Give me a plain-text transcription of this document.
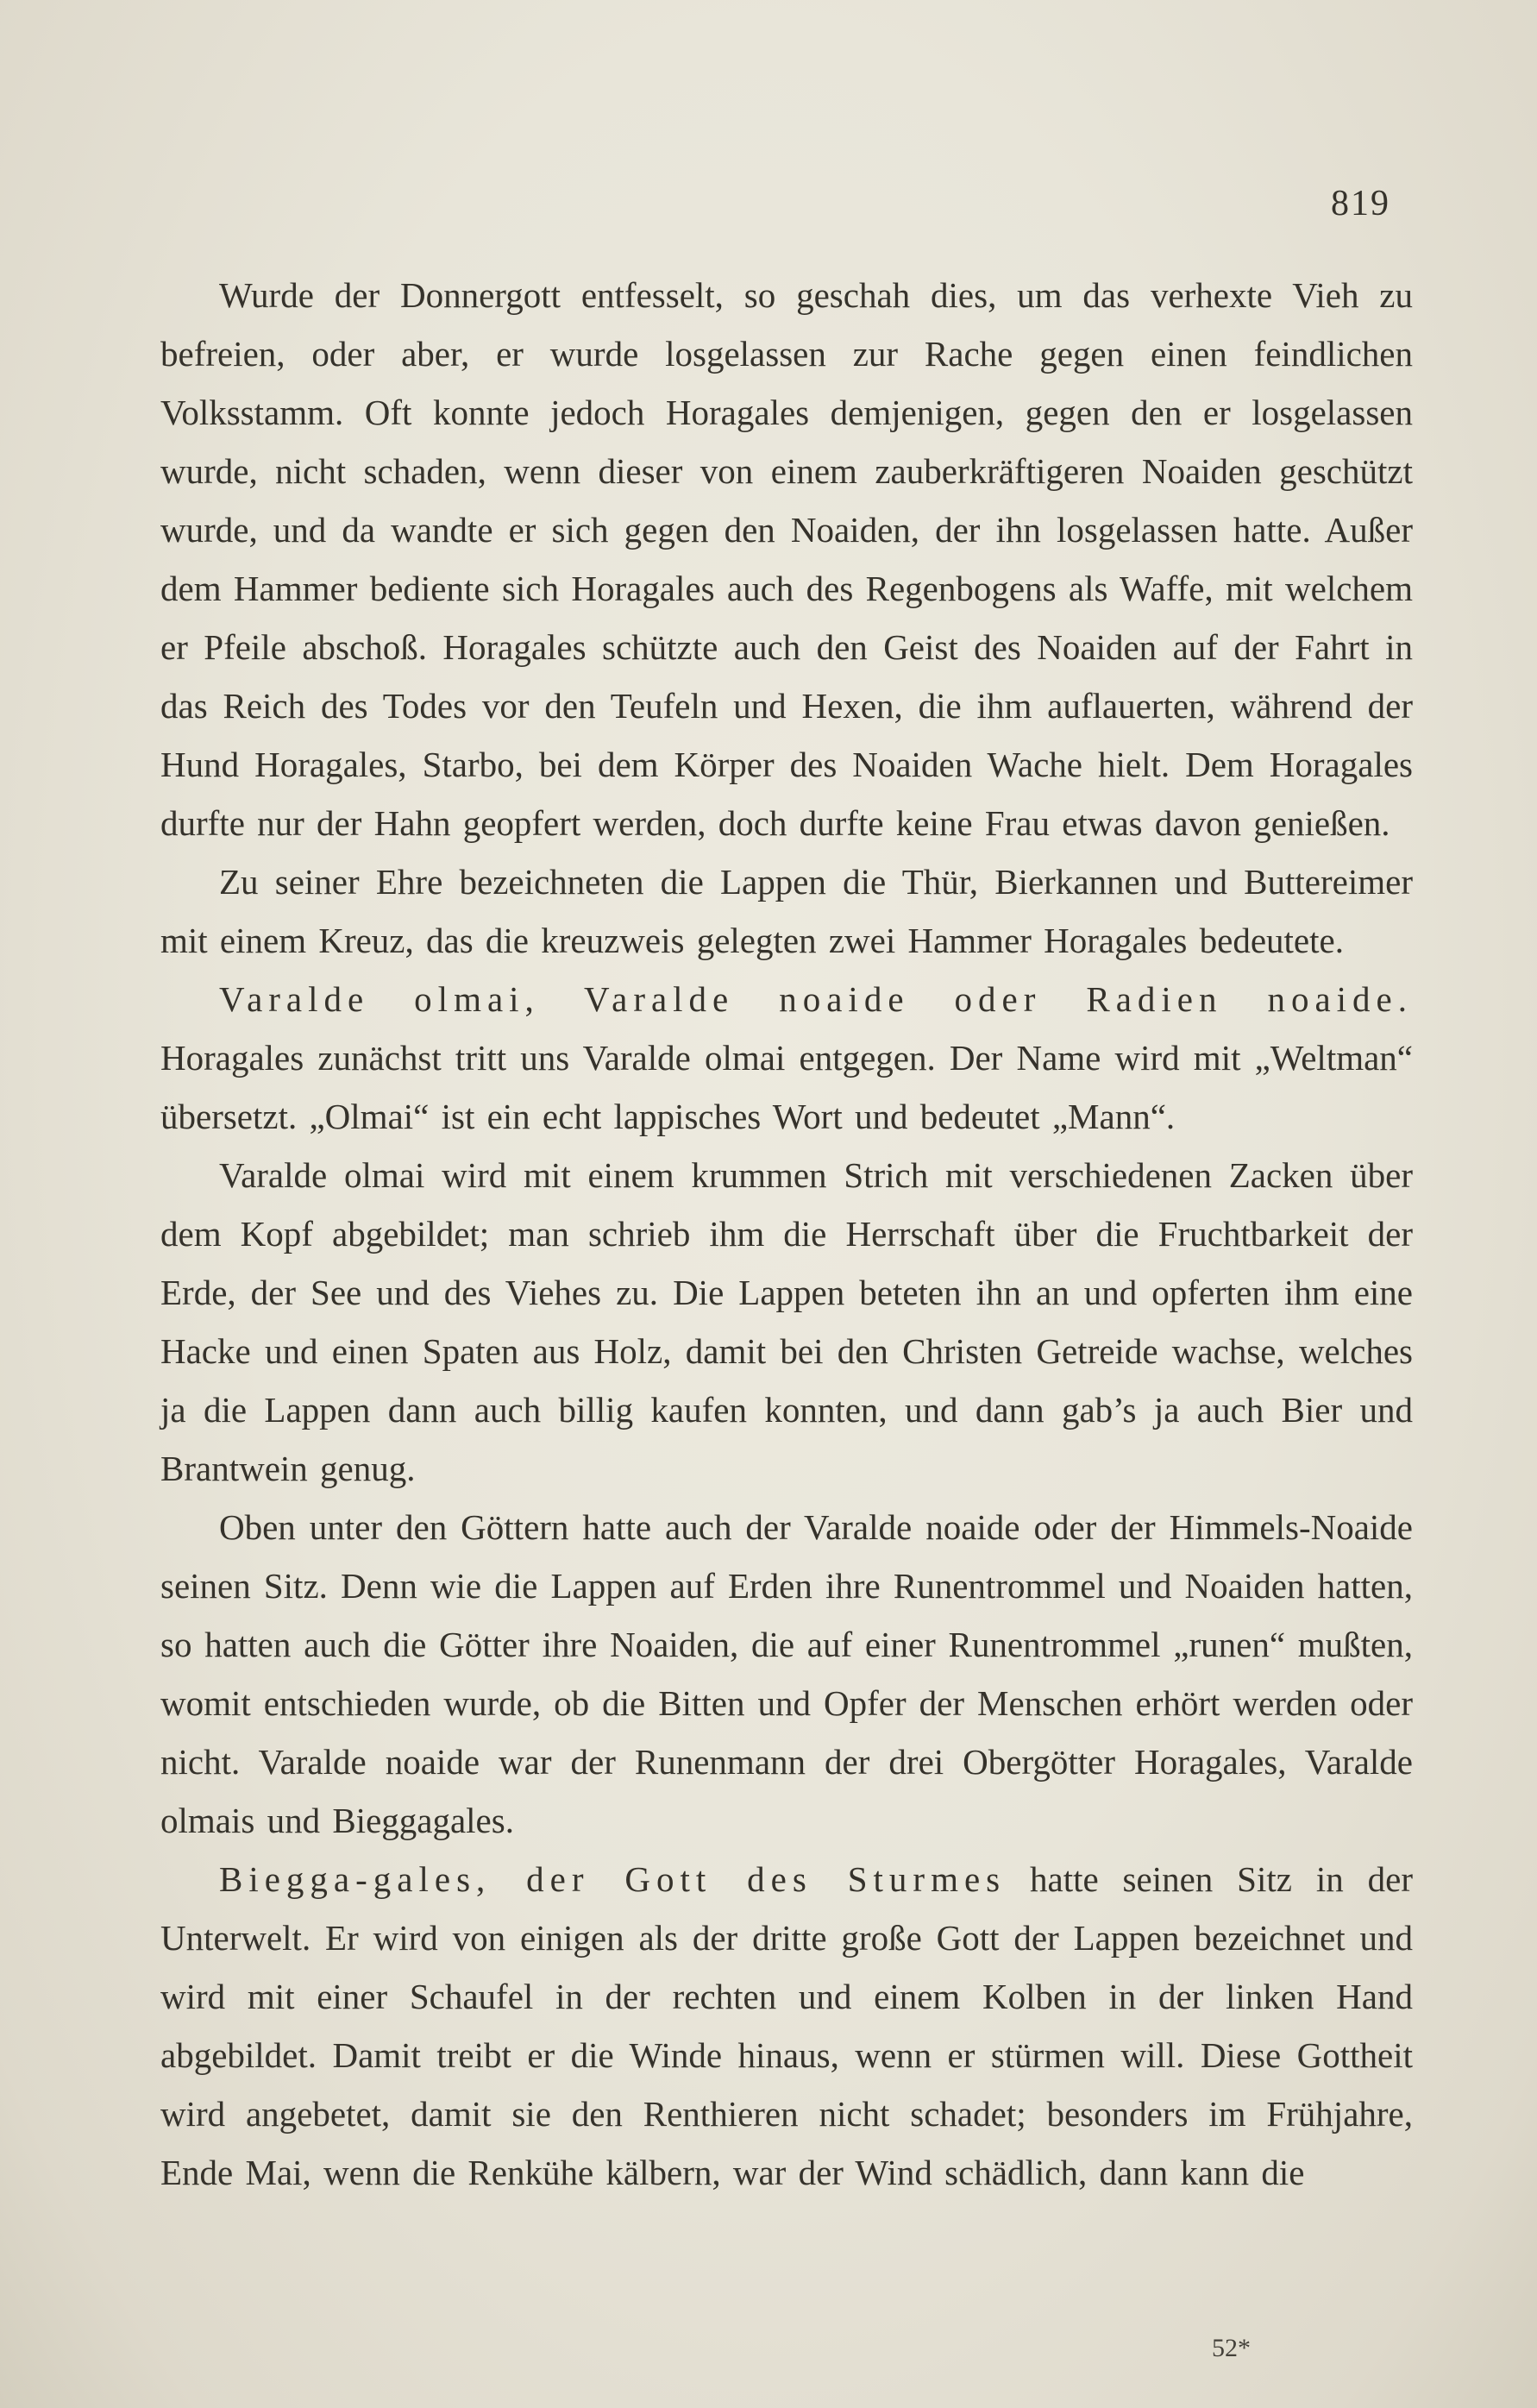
819

Wurde der Donnergott entfesselt, so geschah dies, um das verhexte Vieh zu befreien, oder aber, er wurde losgelassen zur Rache gegen einen feindlichen Volksstamm. Oft konnte jedoch Horagales demjenigen, gegen den er losgelassen wurde, nicht schaden, wenn dieser von einem zauberkräftigeren Noaiden geschützt wurde, und da wandte er sich gegen den Noaiden, der ihn losgelassen hatte. Außer dem Hammer bediente sich Horagales auch des Regenbogens als Waffe, mit welchem er Pfeile abschoß. Horagales schützte auch den Geist des Noaiden auf der Fahrt in das Reich des Todes vor den Teufeln und Hexen, die ihm auflauerten, während der Hund Horagales, Starbo, bei dem Körper des Noaiden Wache hielt. Dem Horagales durfte nur der Hahn geopfert werden, doch durfte keine Frau etwas davon genießen.

Zu seiner Ehre bezeichneten die Lappen die Thür, Bierkannen und Buttereimer mit einem Kreuz, das die kreuzweis gelegten zwei Hammer Horagales bedeutete.

Varalde olmai, Varalde noaide oder Radien noaide. Horagales zunächst tritt uns Varalde olmai entgegen. Der Name wird mit „Weltman“ übersetzt. „Olmai“ ist ein echt lappisches Wort und bedeutet „Mann“.

Varalde olmai wird mit einem krummen Strich mit verschiedenen Zacken über dem Kopf abgebildet; man schrieb ihm die Herrschaft über die Fruchtbarkeit der Erde, der See und des Viehes zu. Die Lappen beteten ihn an und opferten ihm eine Hacke und einen Spaten aus Holz, damit bei den Christen Getreide wachse, welches ja die Lappen dann auch billig kaufen konnten, und dann gab’s ja auch Bier und Brantwein genug.

Oben unter den Göttern hatte auch der Varalde noaide oder der Himmels-Noaide seinen Sitz. Denn wie die Lappen auf Erden ihre Runentrommel und Noaiden hatten, so hatten auch die Götter ihre Noaiden, die auf einer Runentrommel „runen“ mußten, womit entschieden wurde, ob die Bitten und Opfer der Menschen erhört werden oder nicht. Varalde noaide war der Runenmann der drei Obergötter Horagales, Varalde olmais und Bieggagales.

Biegga-gales, der Gott des Sturmes hatte seinen Sitz in der Unterwelt. Er wird von einigen als der dritte große Gott der Lappen bezeichnet und wird mit einer Schaufel in der rechten und einem Kolben in der linken Hand abgebildet. Damit treibt er die Winde hinaus, wenn er stürmen will. Diese Gottheit wird angebetet, damit sie den Renthieren nicht schadet; besonders im Frühjahre, Ende Mai, wenn die Renkühe kälbern, war der Wind schädlich, dann kann die

52*
